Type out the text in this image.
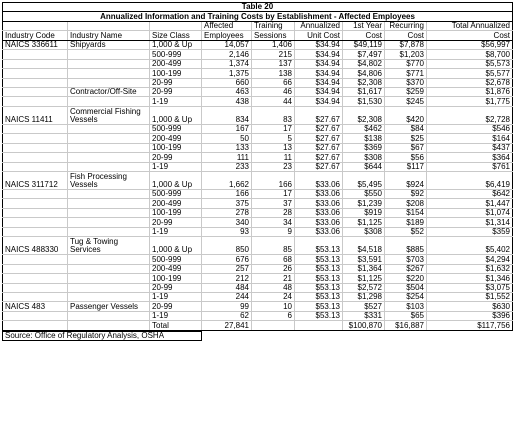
Table 20								
Annualized Information and Training Costs by Establishment - Affected Employees								
			Affected	Training	Annualized	1st Year	Recurring	Total Annualized
Industry Code	Industry Name	Size Class	Employees	Sessions	Unit Cost	Cost	Cost	Cost
NAICS 336611	Shipyards	1,000 & Up	14,057	1,406	$34.94	$49,119	$7,878	$56,997
		500-999	2,146	215	$34.94	$7,497	$1,203	$8,700
		200-499	1,374	137	$34.94	$4,802	$770	$5,573
		100-199	1,375	138	$34.94	$4,806	$771	$5,577
		20-99	660	66	$34.94	$2,308	$370	$2,678
	Contractor/Off-Site	20-99	463	46	$34.94	$1,617	$259	$1,876
		1-19	438	44	$34.94	$1,530	$245	$1,775
NAICS 11411	Commercial Fishing Vessels	1,000 & Up	834	83	$27.67	$2,308	$420	$2,728
		500-999	167	17	$27.67	$462	$84	$546
		200-499	50	5	$27.67	$138	$25	$164
		100-199	133	13	$27.67	$369	$67	$437
		20-99	111	11	$27.67	$308	$56	$364
		1-19	233	23	$27.67	$644	$117	$761
NAICS 311712	Fish Processing Vessels	1,000 & Up	1,662	166	$33.06	$5,495	$924	$6,419
		500-999	166	17	$33.06	$550	$92	$642
		200-499	375	37	$33.06	$1,239	$208	$1,447
		100-199	278	28	$33.06	$919	$154	$1,074
		20-99	340	34	$33.06	$1,125	$189	$1,314
		1-19	93	9	$33.06	$308	$52	$359
NAICS 488330	Tug & Towing Services	1,000 & Up	850	85	$53.13	$4,518	$885	$5,402
		500-999	676	68	$53.13	$3,591	$703	$4,294
		200-499	257	26	$53.13	$1,364	$267	$1,632
		100-199	212	21	$53.13	$1,125	$220	$1,346
		20-99	484	48	$53.13	$2,572	$504	$3,075
		1-19	244	24	$53.13	$1,298	$254	$1,552
NAICS 483	Passenger Vessels	20-99	99	10	$53.13	$527	$103	$630
		1-19	62	6	$53.13	$331	$65	$396
		Total	27,841			$100,870	$16,887	$117,756
Source: Office of Regulatory Analysis, OSHA
